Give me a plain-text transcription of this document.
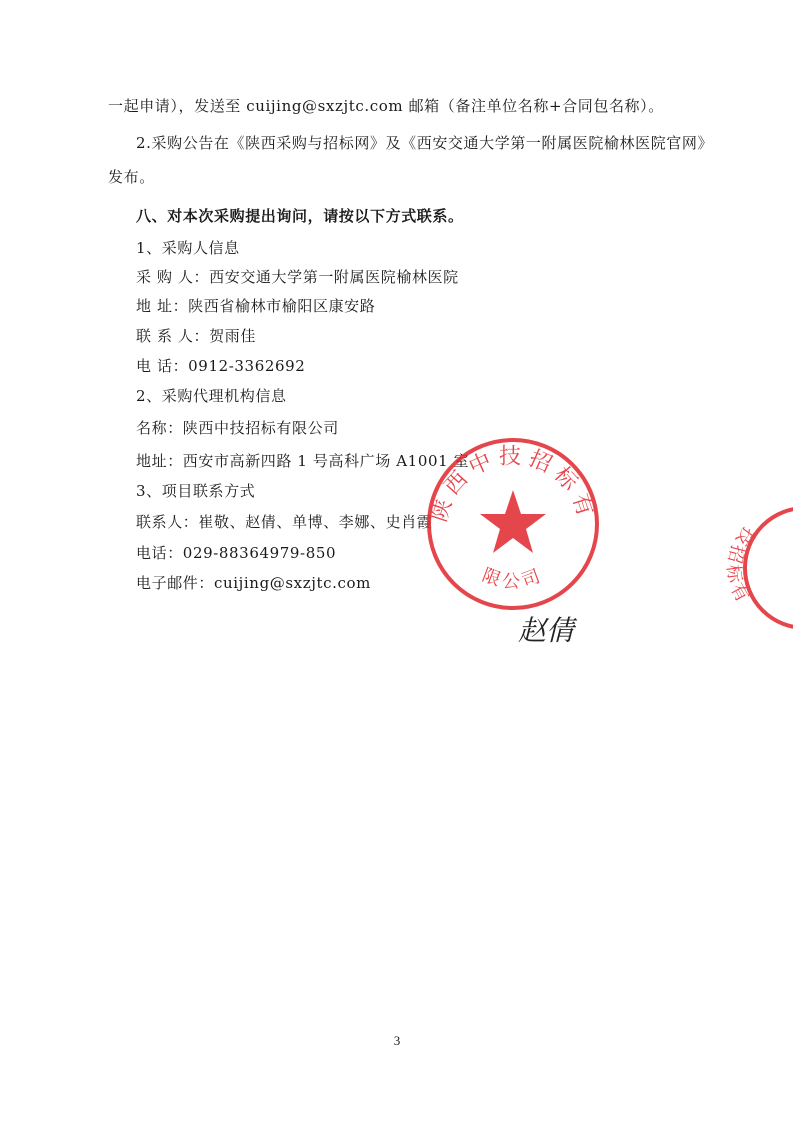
一起申请），发送至 cuijing@sxzjtc.com 邮箱（备注单位名称+合同包名称）。
2.采购公告在《陕西采购与招标网》及《西安交通大学第一附属医院榆林医院官网》
发布。
八、对本次采购提出询问，请按以下方式联系。
1、采购人信息
采 购 人：西安交通大学第一附属医院榆林医院
地 址：陕西省榆林市榆阳区康安路
联 系 人：贺雨佳
电 话：0912-3362692
2、采购代理机构信息
名称：陕西中技招标有限公司
地址：西安市高新四路 1 号高科广场 A1001 室
3、项目联系方式
联系人：崔敬、赵倩、单博、李娜、史肖霞
电话：029-88364979-850
电子邮件：cuijing@sxzjtc.com
陕西中技招标有
限公司
技招标有
赵倩
3
